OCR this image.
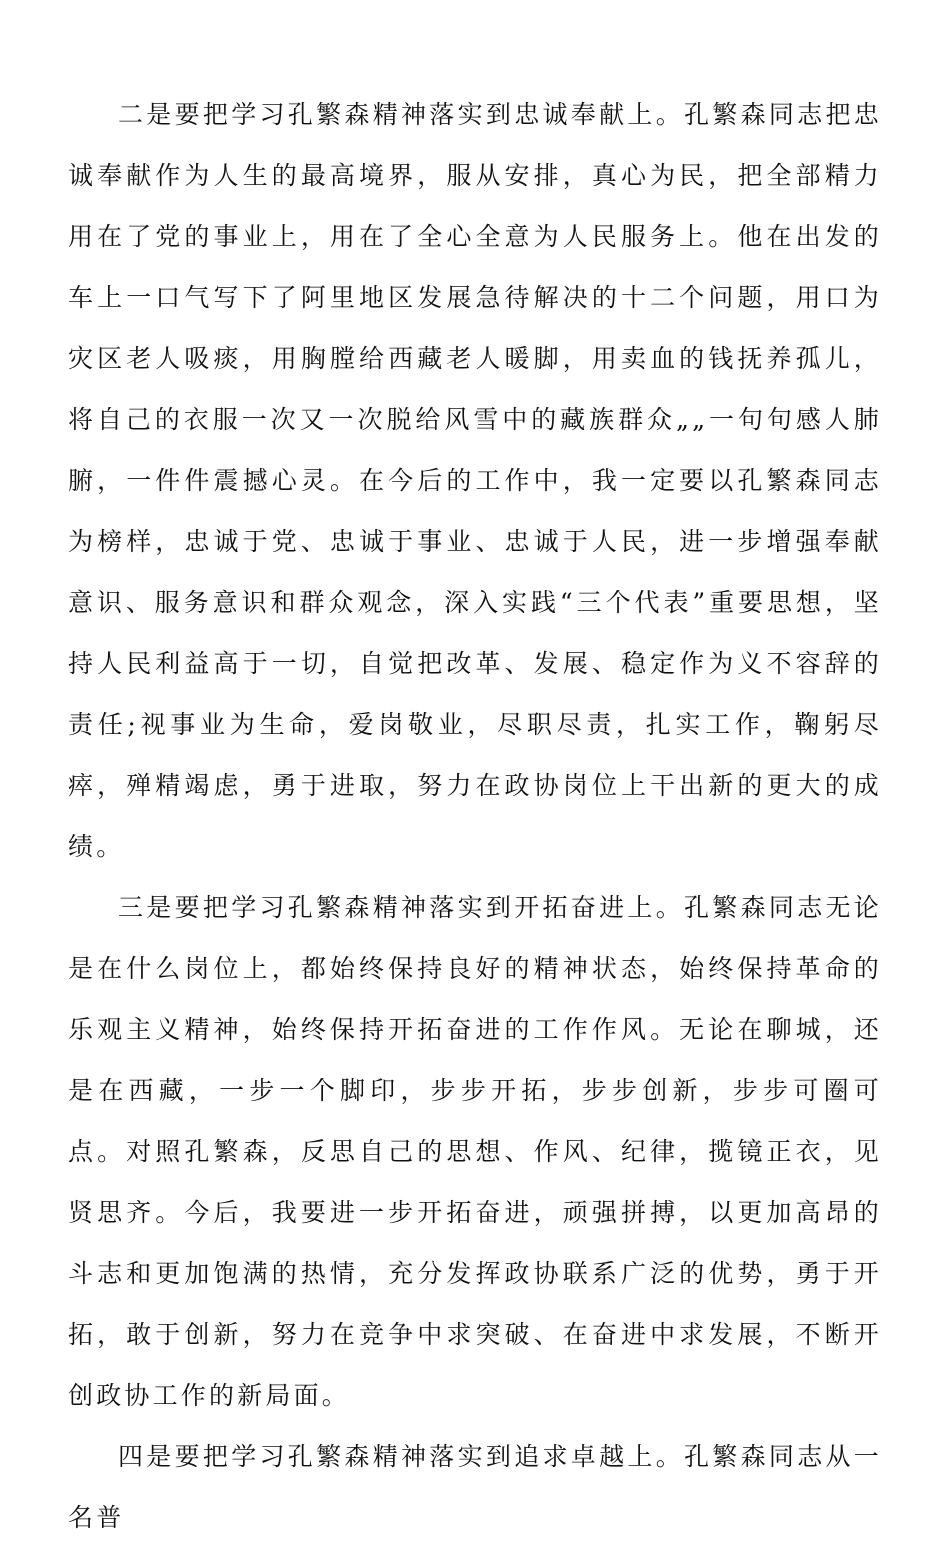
二是要把学习孔繁森精神落实到忠诚奉献上。孔繁森同志把忠诚奉献作为人生的最高境界，服从安排，真心为民，把全部精力用在了党的事业上，用在了全心全意为人民服务上。他在出发的车上一口气写下了阿里地区发展急待解决的十二个问题，用口为灾区老人吸痰，用胸膛给西藏老人暖脚，用卖血的钱抚养孤儿，将自己的衣服一次又一次脱给风雪中的藏族群众„„一句句感人肺腑，一件件震撼心灵。在今后的工作中，我一定要以孔繁森同志为榜样，忠诚于党、忠诚于事业、忠诚于人民，进一步增强奉献意识、服务意识和群众观念，深入实践“三个代表”重要思想，坚持人民利益高于一切，自觉把改革、发展、稳定作为义不容辞的责任;视事业为生命，爱岗敬业，尽职尽责，扎实工作，鞠躬尽瘁，殚精竭虑，勇于进取，努力在政协岗位上干出新的更大的成绩。

三是要把学习孔繁森精神落实到开拓奋进上。孔繁森同志无论是在什么岗位上，都始终保持良好的精神状态，始终保持革命的乐观主义精神，始终保持开拓奋进的工作作风。无论在聊城，还是在西藏，一步一个脚印，步步开拓，步步创新，步步可圈可点。对照孔繁森，反思自己的思想、作风、纪律，揽镜正衣，见贤思齐。今后，我要进一步开拓奋进，顽强拼搏，以更加高昂的斗志和更加饱满的热情，充分发挥政协联系广泛的优势，勇于开拓，敢于创新，努力在竞争中求突破、在奋进中求发展，不断开创政协工作的新局面。

四是要把学习孔繁森精神落实到追求卓越上。孔繁森同志从一名普
